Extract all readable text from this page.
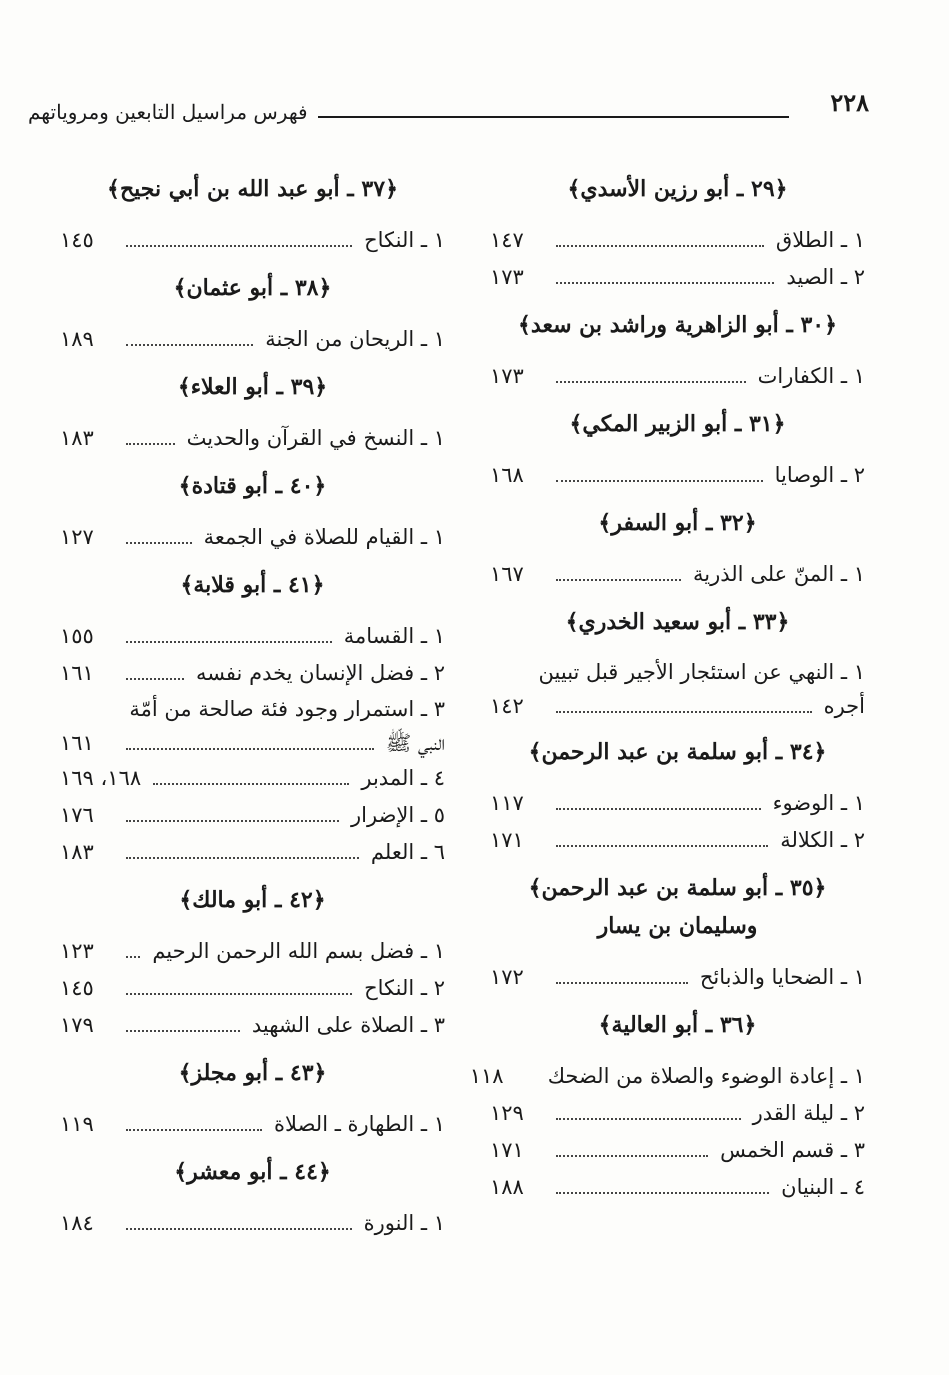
فهرس مراسيل التابعين ومروياتهم	٢٢٨
﴿٢٩ ـ أبو رزين الأسدي﴾
١ ـ الطلاق
١٤٧
٢ ـ الصيد
١٧٣
﴿٣٠ ـ أبو الزاهرية وراشد بن سعد﴾
١ ـ الكفارات
١٧٣
﴿٣١ ـ أبو الزبير المكي﴾
٢ ـ الوصايا
١٦٨
﴿٣٢ ـ أبو السفر﴾
١ ـ المنّ على الذرية
١٦٧
﴿٣٣ ـ أبو سعيد الخدري﴾
١ ـ النهي عن استئجار الأجير قبل تبيين
أجره
١٤٢
﴿٣٤ ـ أبو سلمة بن عبد الرحمن﴾
١ ـ الوضوء
١١٧
٢ ـ الكلالة
١٧١
﴿٣٥ ـ أبو سلمة بن عبد الرحمن﴾
وسليمان بن يسار
١ ـ الضحايا والذبائح
١٧٢
﴿٣٦ ـ أبو العالية﴾
١ ـ إعادة الوضوء والصلاة من الضحك
١١٨
٢ ـ ليلة القدر
١٢٩
٣ ـ قسم الخمس
١٧١
٤ ـ البنيان
١٨٨
﴿٣٧ ـ أبو عبد الله بن أبي نجيح﴾
١ ـ النكاح
١٤٥
﴿٣٨ ـ أبو عثمان﴾
١ ـ الريحان من الجنة
١٨٩
﴿٣٩ ـ أبو العلاء﴾
١ ـ النسخ في القرآن والحديث
١٨٣
﴿٤٠ ـ أبو قتادة﴾
١ ـ القيام للصلاة في الجمعة
١٢٧
﴿٤١ ـ أبو قلابة﴾
١ ـ القسامة
١٥٥
٢ ـ فضل الإنسان يخدم نفسه
١٦١
٣ ـ استمرار وجود فئة صالحة من أمّة
النبي ﷺ
١٦١
٤ ـ المدبر
١٦٨، ١٦٩
٥ ـ الإضرار
١٧٦
٦ ـ العلم
١٨٣
﴿٤٢ ـ أبو مالك﴾
١ ـ فضل بسم الله الرحمن الرحيم
١٢٣
٢ ـ النكاح
١٤٥
٣ ـ الصلاة على الشهيد
١٧٩
﴿٤٣ ـ أبو مجلز﴾
١ ـ الطهارة ـ الصلاة
١١٩
﴿٤٤ ـ أبو معشر﴾
١ ـ النورة
١٨٤
